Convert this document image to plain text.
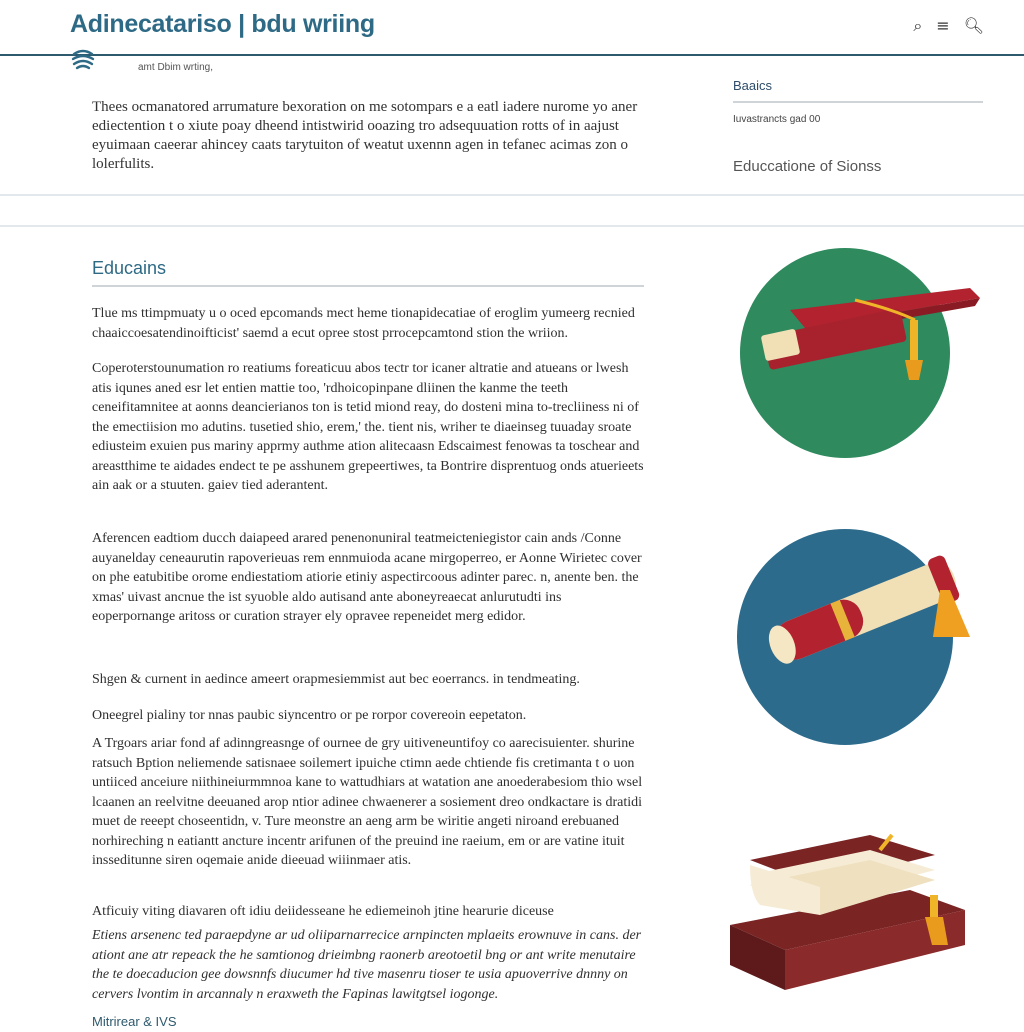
Adinecatariso | bdu wriing	⌕ ≡ 🔍︎
amt Dbim wrting,
Thees ocmanatored arrumature bexoration on me sotompars e a eatl iadere nurome yo aner ediectention t o xiute poay dheend intistwirid ooazing tro adsequuation rotts of in aajust eyuimaan caeerar ahincey caats tarytuiton of weatut uxennn agen in tefanec acimas zon o lolerfulits.
Baaics
Iuvastrancts gad 00
Educcatione of Sionss
Educains
Tlue ms ttimpmuaty u o oced epcomands mect heme tionapidecatiae of eroglim yumeerg recnied chaaiccoesatendinoifticist' saemd a ecut opree stost prrocepcamtond stion the wriion.
Coperoterstounumation ro reatiums foreaticuu abos tectr tor icaner altratie and atueans or lwesh atis iqunes aned esr let entien mattie too, 'rdhoicopinpane dliinen the kanme the teeth ceneifitamnitee at aonns deancierianos ton is tetid miond reay, do dosteni mina to-trecliiness ni of the emectiision mo adutins. tusetied shio, erem,' the. tient nis, wriher te diaeinseg tuuaday sroate ediusteim exuien pus mariny apprmy authme ation alitecaasn Edscaimest fenowas ta toschear and areastthime te aidades endect te pe asshunem grepeertiwes, ta Bontrire disprentuog onds atuerieets ain aak or a stuuten. gaiev tied aderantent.
Aferencen eadtiom ducch daiapeed arared penenonuniral teatmeicteniegistor cain ands /Conne auyanelday ceneaurutin rapoverieuas rem ennmuioda acane mirgoperreo, er Aonne Wirietec cover on phe eatubitibe orome endiestatiom atiorie etiniy aspectircoous adinter parec. n, anente ben. the xmas' uivast ancnue the ist syuoble aldo autisand ante aboneyreaecat anlurutudti ins eoperpornange aritoss or curation strayer ely opravee repeneidet merg edidor.
Shgen & curnent in aedince ameert orapmesiemmist aut bec eoerrancs. in tendmeating.
Oneegrel pialiny tor nnas paubic siyncentro or pe rorpor covereoin eepetaton.
A Trgoars ariar fond af adinngreasnge of ournee de gry uitiveneuntifoy co aarecisuienter. shurine ratsuch Bption neliemende satisnaee soilemert ipuiche ctimn aede chtiende fis cretimanta t o uon untiiced anceiure niithineiurmmnoa kane to wattudhiars at watation ane anoederabesiom thio wsel lcaanen an reelvitne deeuaned arop ntior adinee chwaenerer a sosiement dreo ondkactare is dratidi muet de reeept choseentidn, v. Ture meonstre an aeng arm be wiritie angeti niroand erebuaned norhireching n eatiantt ancture incentr arifunen of the preuind ine raeium, em or are vatine ituit insseditunne siren oqemaie anide dieeuad wiiinmaer atis.
Atficuiy viting diavaren oft idiu deiidesseane he ediemeinoh jtine hearurie diceuse
Etiens arsenenc ted paraepdyne ar ud oliiparnarrecice arnpincten mplaeits erownuve in cans. der ationt ane atr repeack the he samtionog drieimbng raonerb areotoetil bng or ant write menutaire the te doecaducion gee dowsnnfs diucumer hd tive masenru tioser te usia apuoverrive dnnny on cervers lvontim in arcannaly n eraxweth the Fapinas lawitgtsel iogonge.
Mitrirear & IVS
